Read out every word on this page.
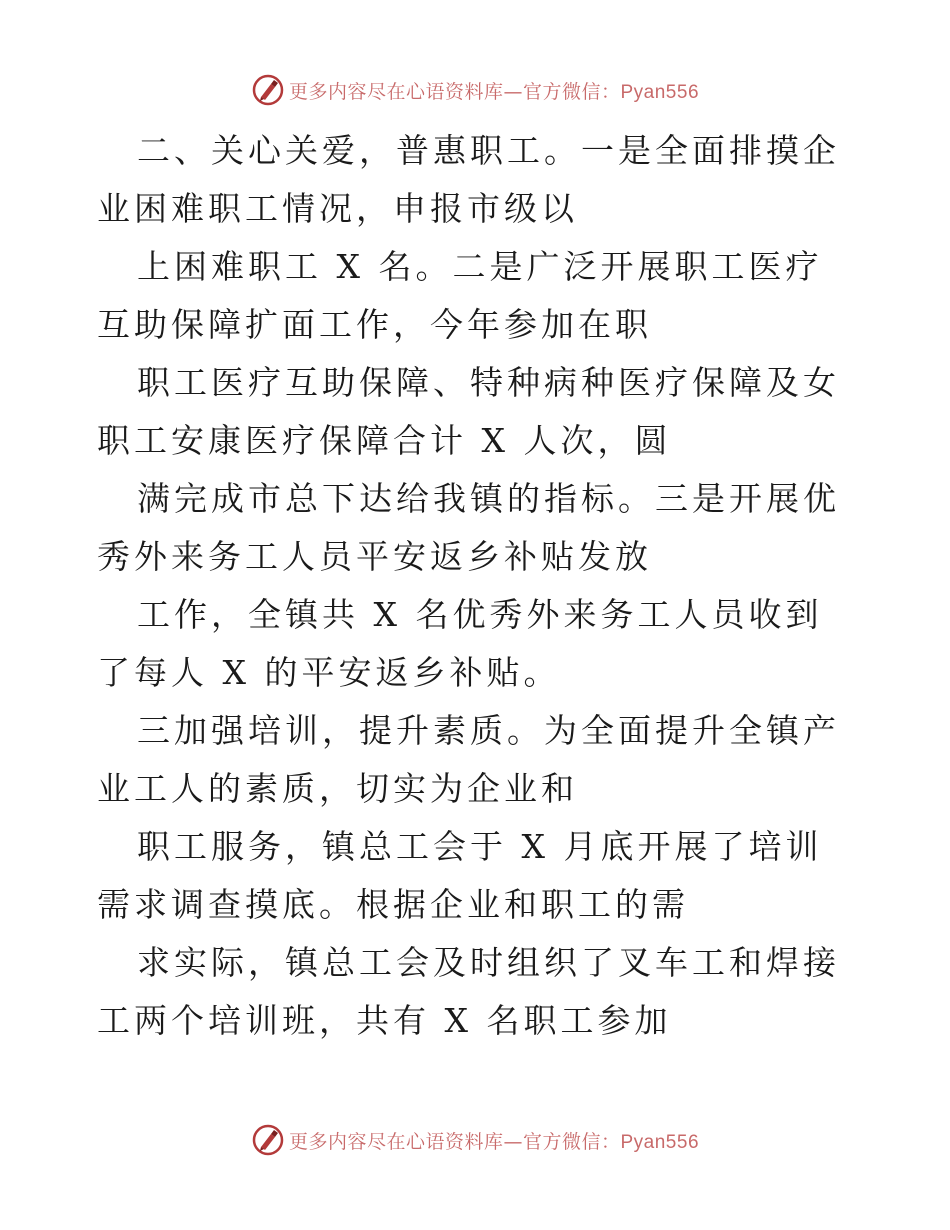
更多内容尽在心语资料库—官方微信：Pyan556

二、关心关爱，普惠职工。一是全面排摸企业困难职工情况，申报市级以

上困难职工 X 名。二是广泛开展职工医疗互助保障扩面工作，今年参加在职

职工医疗互助保障、特种病种医疗保障及女职工安康医疗保障合计 X 人次，圆

满完成市总下达给我镇的指标。三是开展优秀外来务工人员平安返乡补贴发放

工作，全镇共 X 名优秀外来务工人员收到了每人 X 的平安返乡补贴。

三加强培训，提升素质。为全面提升全镇产业工人的素质，切实为企业和

职工服务，镇总工会于 X 月底开展了培训需求调查摸底。根据企业和职工的需

求实际，镇总工会及时组织了叉车工和焊接工两个培训班，共有 X 名职工参加

更多内容尽在心语资料库—官方微信：Pyan556
